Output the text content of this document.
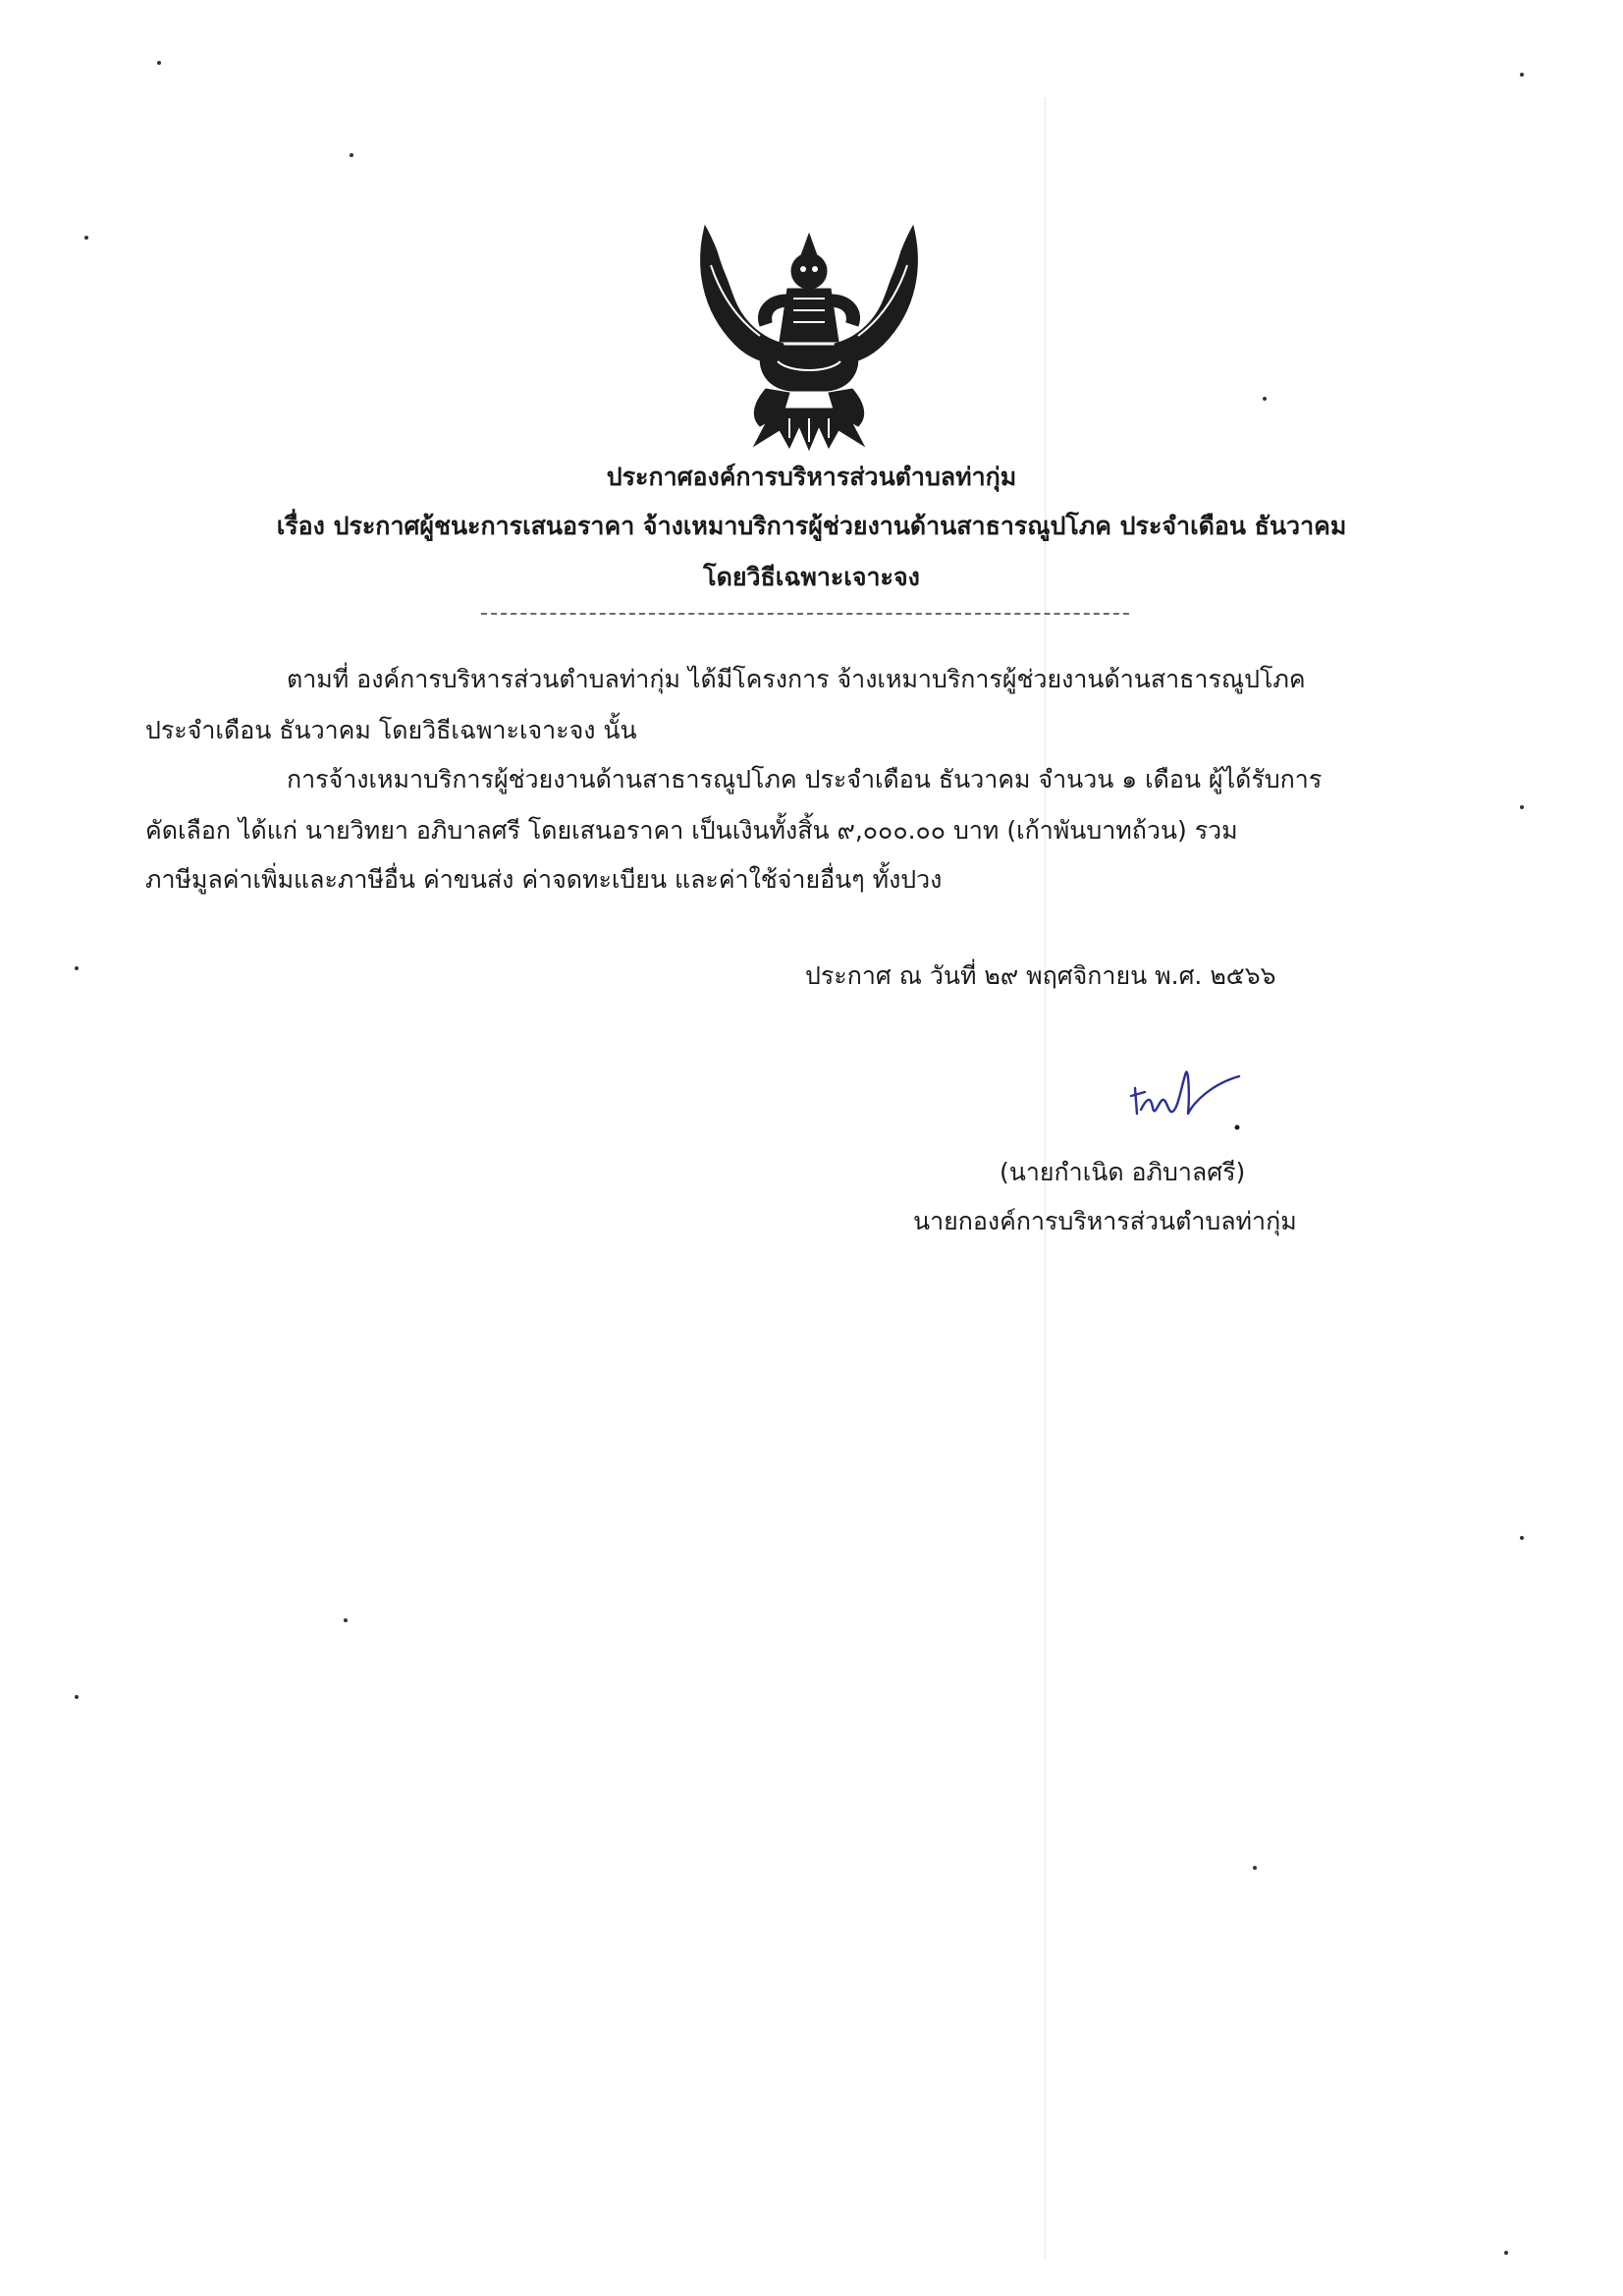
ประกาศองค์การบริหารส่วนตำบลท่ากุ่ม
เรื่อง ประกาศผู้ชนะการเสนอราคา จ้างเหมาบริการผู้ช่วยงานด้านสาธารณูปโภค ประจำเดือน ธันวาคม
โดยวิธีเฉพาะเจาะจง
ตามที่ องค์การบริหารส่วนตำบลท่ากุ่ม ได้มีโครงการ จ้างเหมาบริการผู้ช่วยงานด้านสาธารณูปโภค
ประจำเดือน ธันวาคม โดยวิธีเฉพาะเจาะจง นั้น
การจ้างเหมาบริการผู้ช่วยงานด้านสาธารณูปโภค ประจำเดือน ธันวาคม จำนวน ๑ เดือน ผู้ได้รับการ
คัดเลือก ได้แก่ นายวิทยา อภิบาลศรี โดยเสนอราคา เป็นเงินทั้งสิ้น ๙,๐๐๐.๐๐ บาท (เก้าพันบาทถ้วน) รวม
ภาษีมูลค่าเพิ่มและภาษีอื่น ค่าขนส่ง ค่าจดทะเบียน และค่าใช้จ่ายอื่นๆ ทั้งปวง
ประกาศ ณ วันที่ ๒๙ พฤศจิกายน พ.ศ. ๒๕๖๖
(นายกำเนิด อภิบาลศรี)
นายกองค์การบริหารส่วนตำบลท่ากุ่ม
